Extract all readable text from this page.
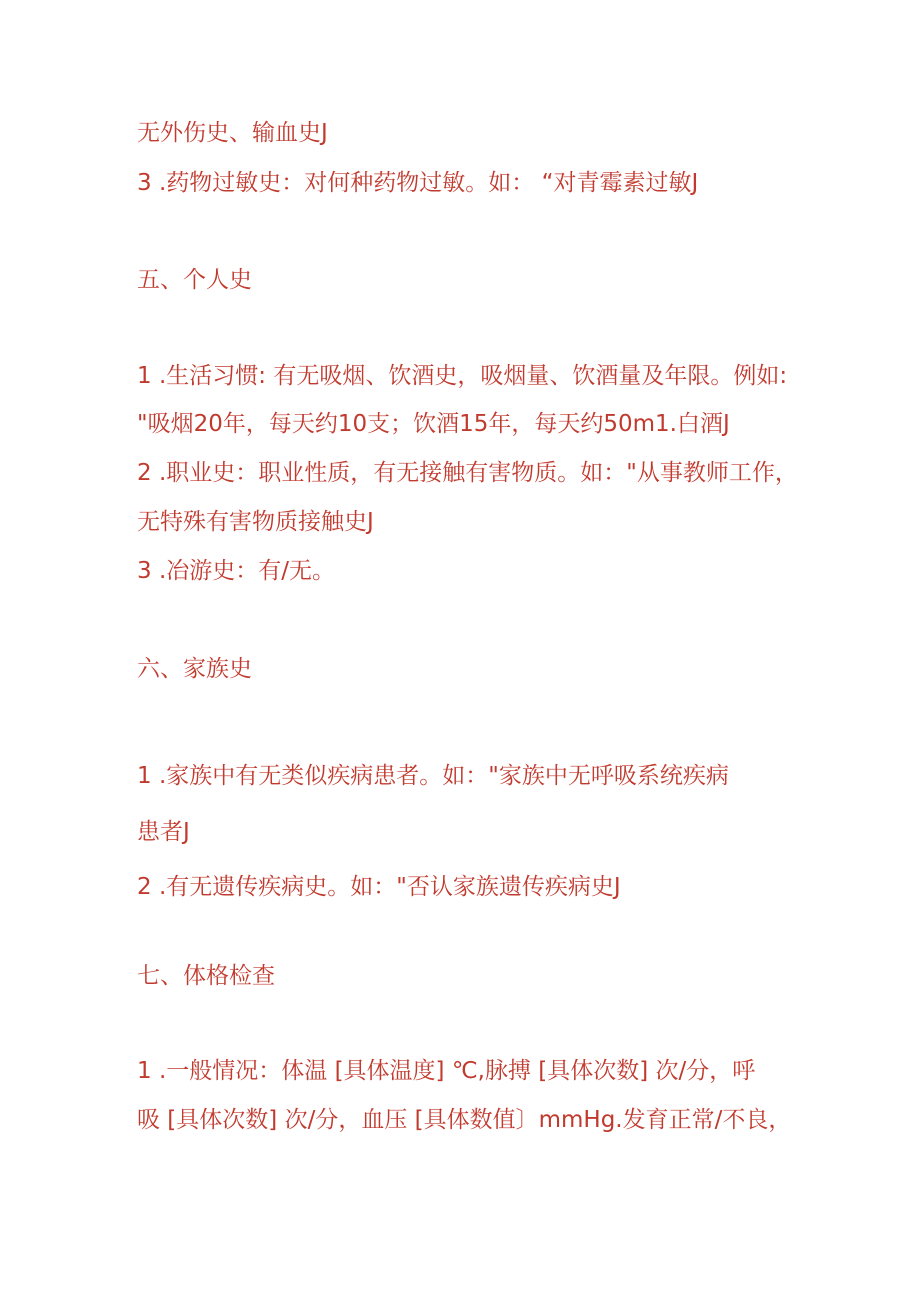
无外伤史、输血史J
3 .药物过敏史：对何种药物过敏。如： “对青霉素过敏J
五、个人史
1 .生活习惯: 有无吸烟、饮酒史，吸烟量、饮酒量及年限。例如:
"吸烟20年，每天约10支；饮酒15年，每天约50m1.白酒J
2 .职业史：职业性质，有无接触有害物质。如："从事教师工作，
无特殊有害物质接触史J
3 .冶游史：有/无。
六、家族史
1 .家族中有无类似疾病患者。如："家族中无呼吸系统疾病
患者J
2 .有无遗传疾病史。如："否认家族遗传疾病史J
七、体格检查
1 .一般情况：体温 [具体温度] ℃,脉搏 [具体次数] 次/分，呼
吸 [具体次数] 次/分，血压 [具体数值〕mmHg.发育正常/不良，
